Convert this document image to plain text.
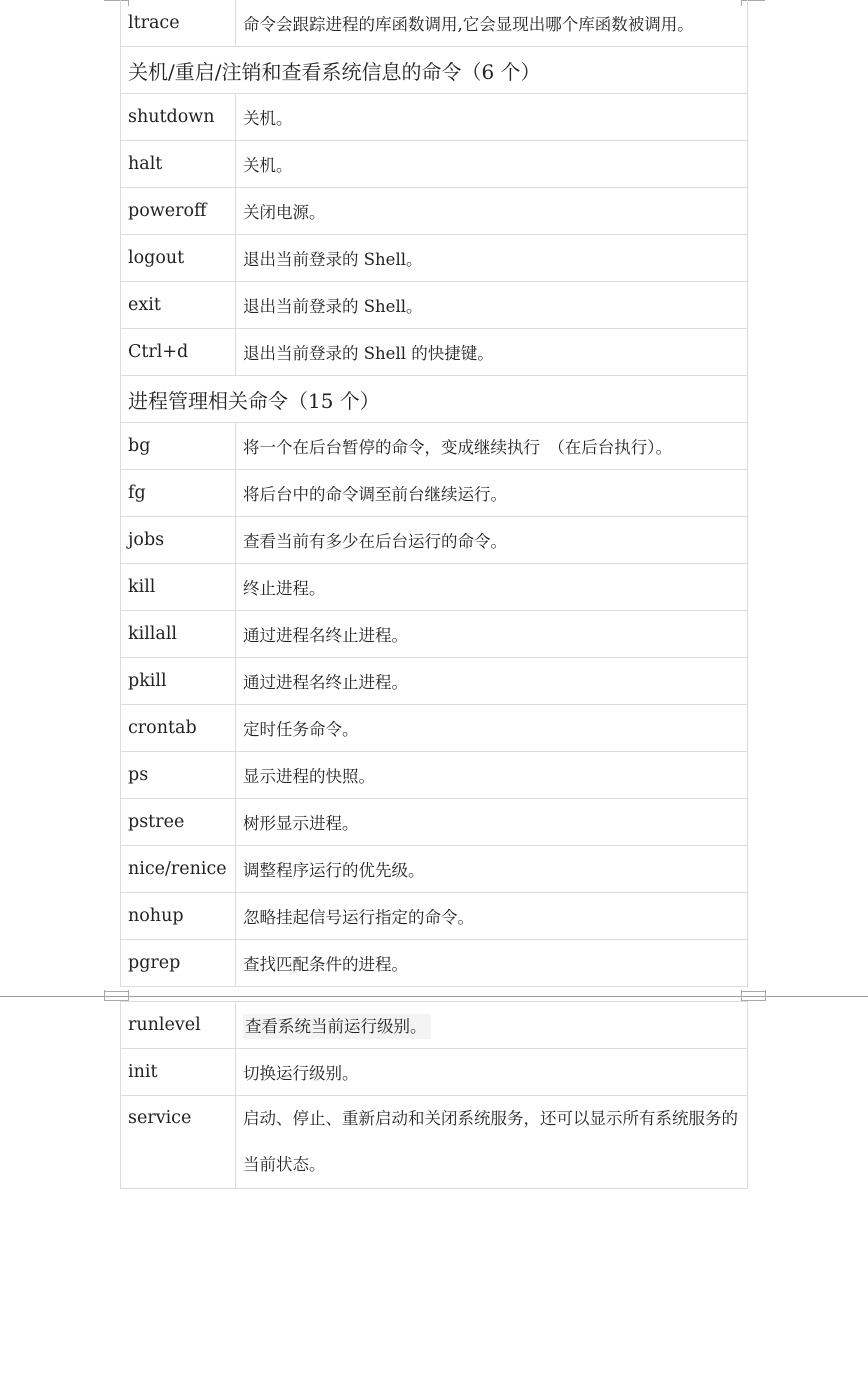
ltrace	命令会跟踪进程的库函数调用,它会显现出哪个库函数被调用。
关机/重启/注销和查看系统信息的命令（6 个）	
shutdown	关机。
halt	关机。
poweroff	关闭电源。
logout	退出当前登录的 Shell。
exit	退出当前登录的 Shell。
Ctrl+d	退出当前登录的 Shell 的快捷键。
进程管理相关命令（15 个）	
bg	将一个在后台暂停的命令，变成继续执行　（在后台执行）。
fg	将后台中的命令调至前台继续运行。
jobs	查看当前有多少在后台运行的命令。
kill	终止进程。
killall	通过进程名终止进程。
pkill	通过进程名终止进程。
crontab	定时任务命令。
ps	显示进程的快照。
pstree	树形显示进程。
nice/renice	调整程序运行的优先级。
nohup	忽略挂起信号运行指定的命令。
pgrep	查找匹配条件的进程。
runlevel	查看系统当前运行级别。
init	切换运行级别。
service	启动、停止、重新启动和关闭系统服务，还可以显示所有系统服务的当前状态。
